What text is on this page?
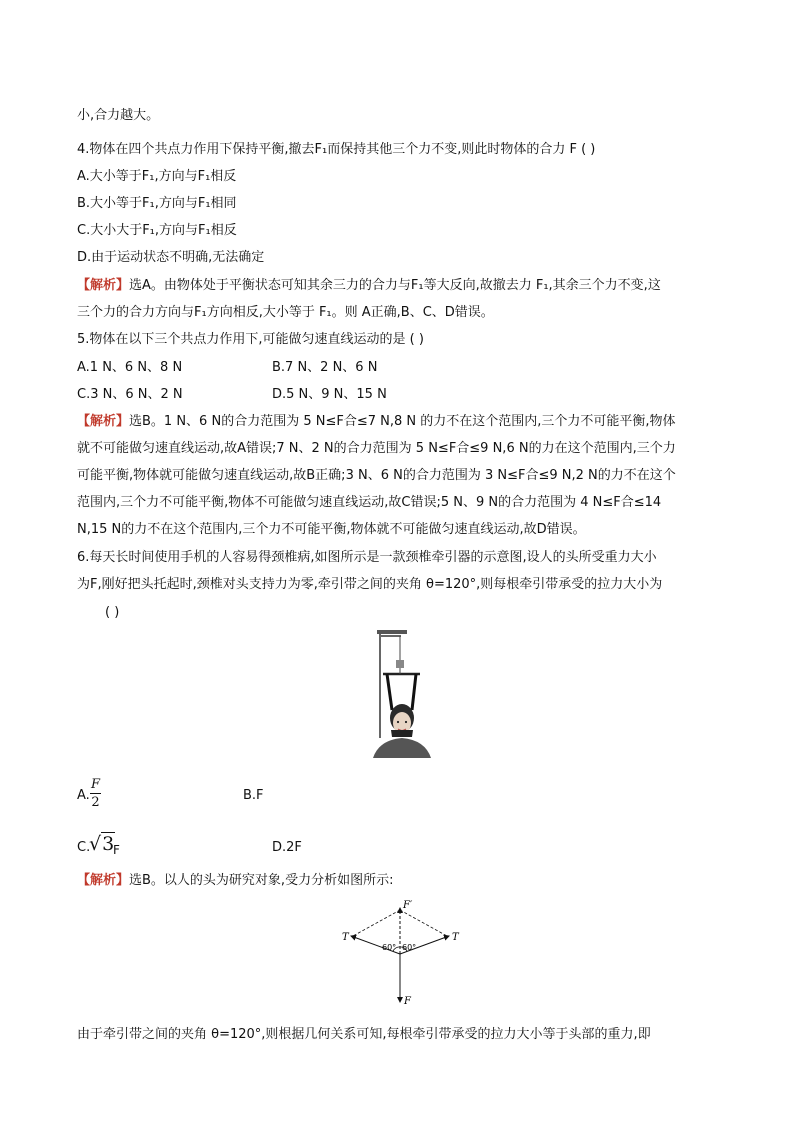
小,合力越大。
4.物体在四个共点力作用下保持平衡,撤去F₁而保持其他三个力不变,则此时物体的合力 F ( )
A.大小等于F₁,方向与F₁相反
B.大小等于F₁,方向与F₁相同
C.大小大于F₁,方向与F₁相反
D.由于运动状态不明确,无法确定
【解析】选A。由物体处于平衡状态可知其余三力的合力与F₁等大反向,故撤去力 F₁,其余三个力不变,这
三个力的合力方向与F₁方向相反,大小等于 F₁。则 A正确,B、C、D错误。
5.物体在以下三个共点力作用下,可能做匀速直线运动的是 ( )
A.1 N、6 N、8 N	B.7 N、2 N、6 N
C.3 N、6 N、2 N	D.5 N、9 N、15 N
【解析】选B。1 N、6 N的合力范围为 5 N≤F合≤7 N,8 N 的力不在这个范围内,三个力不可能平衡,物体
就不可能做匀速直线运动,故A错误;7 N、2 N的合力范围为 5 N≤F合≤9 N,6 N的力在这个范围内,三个力
可能平衡,物体就可能做匀速直线运动,故B正确;3 N、6 N的合力范围为 3 N≤F合≤9 N,2 N的力不在这个
范围内,三个力不可能平衡,物体不可能做匀速直线运动,故C错误;5 N、9 N的合力范围为 4 N≤F合≤14
N,15 N的力不在这个范围内,三个力不可能平衡,物体就不可能做匀速直线运动,故D错误。
6.每天长时间使用手机的人容易得颈椎病,如图所示是一款颈椎牵引器的示意图,设人的头所受重力大小
为F,刚好把头托起时,颈椎对头支持力为零,牵引带之间的夹角 θ=120°,则每根牵引带承受的拉力大小为
( )
A.
F
2	B.F
C.
√3
F	D.2F
【解析】选B。以人的头为研究对象,受力分析如图所示:
F′
T	T
60° 60°
F
由于牵引带之间的夹角 θ=120°,则根据几何关系可知,每根牵引带承受的拉力大小等于头部的重力,即
